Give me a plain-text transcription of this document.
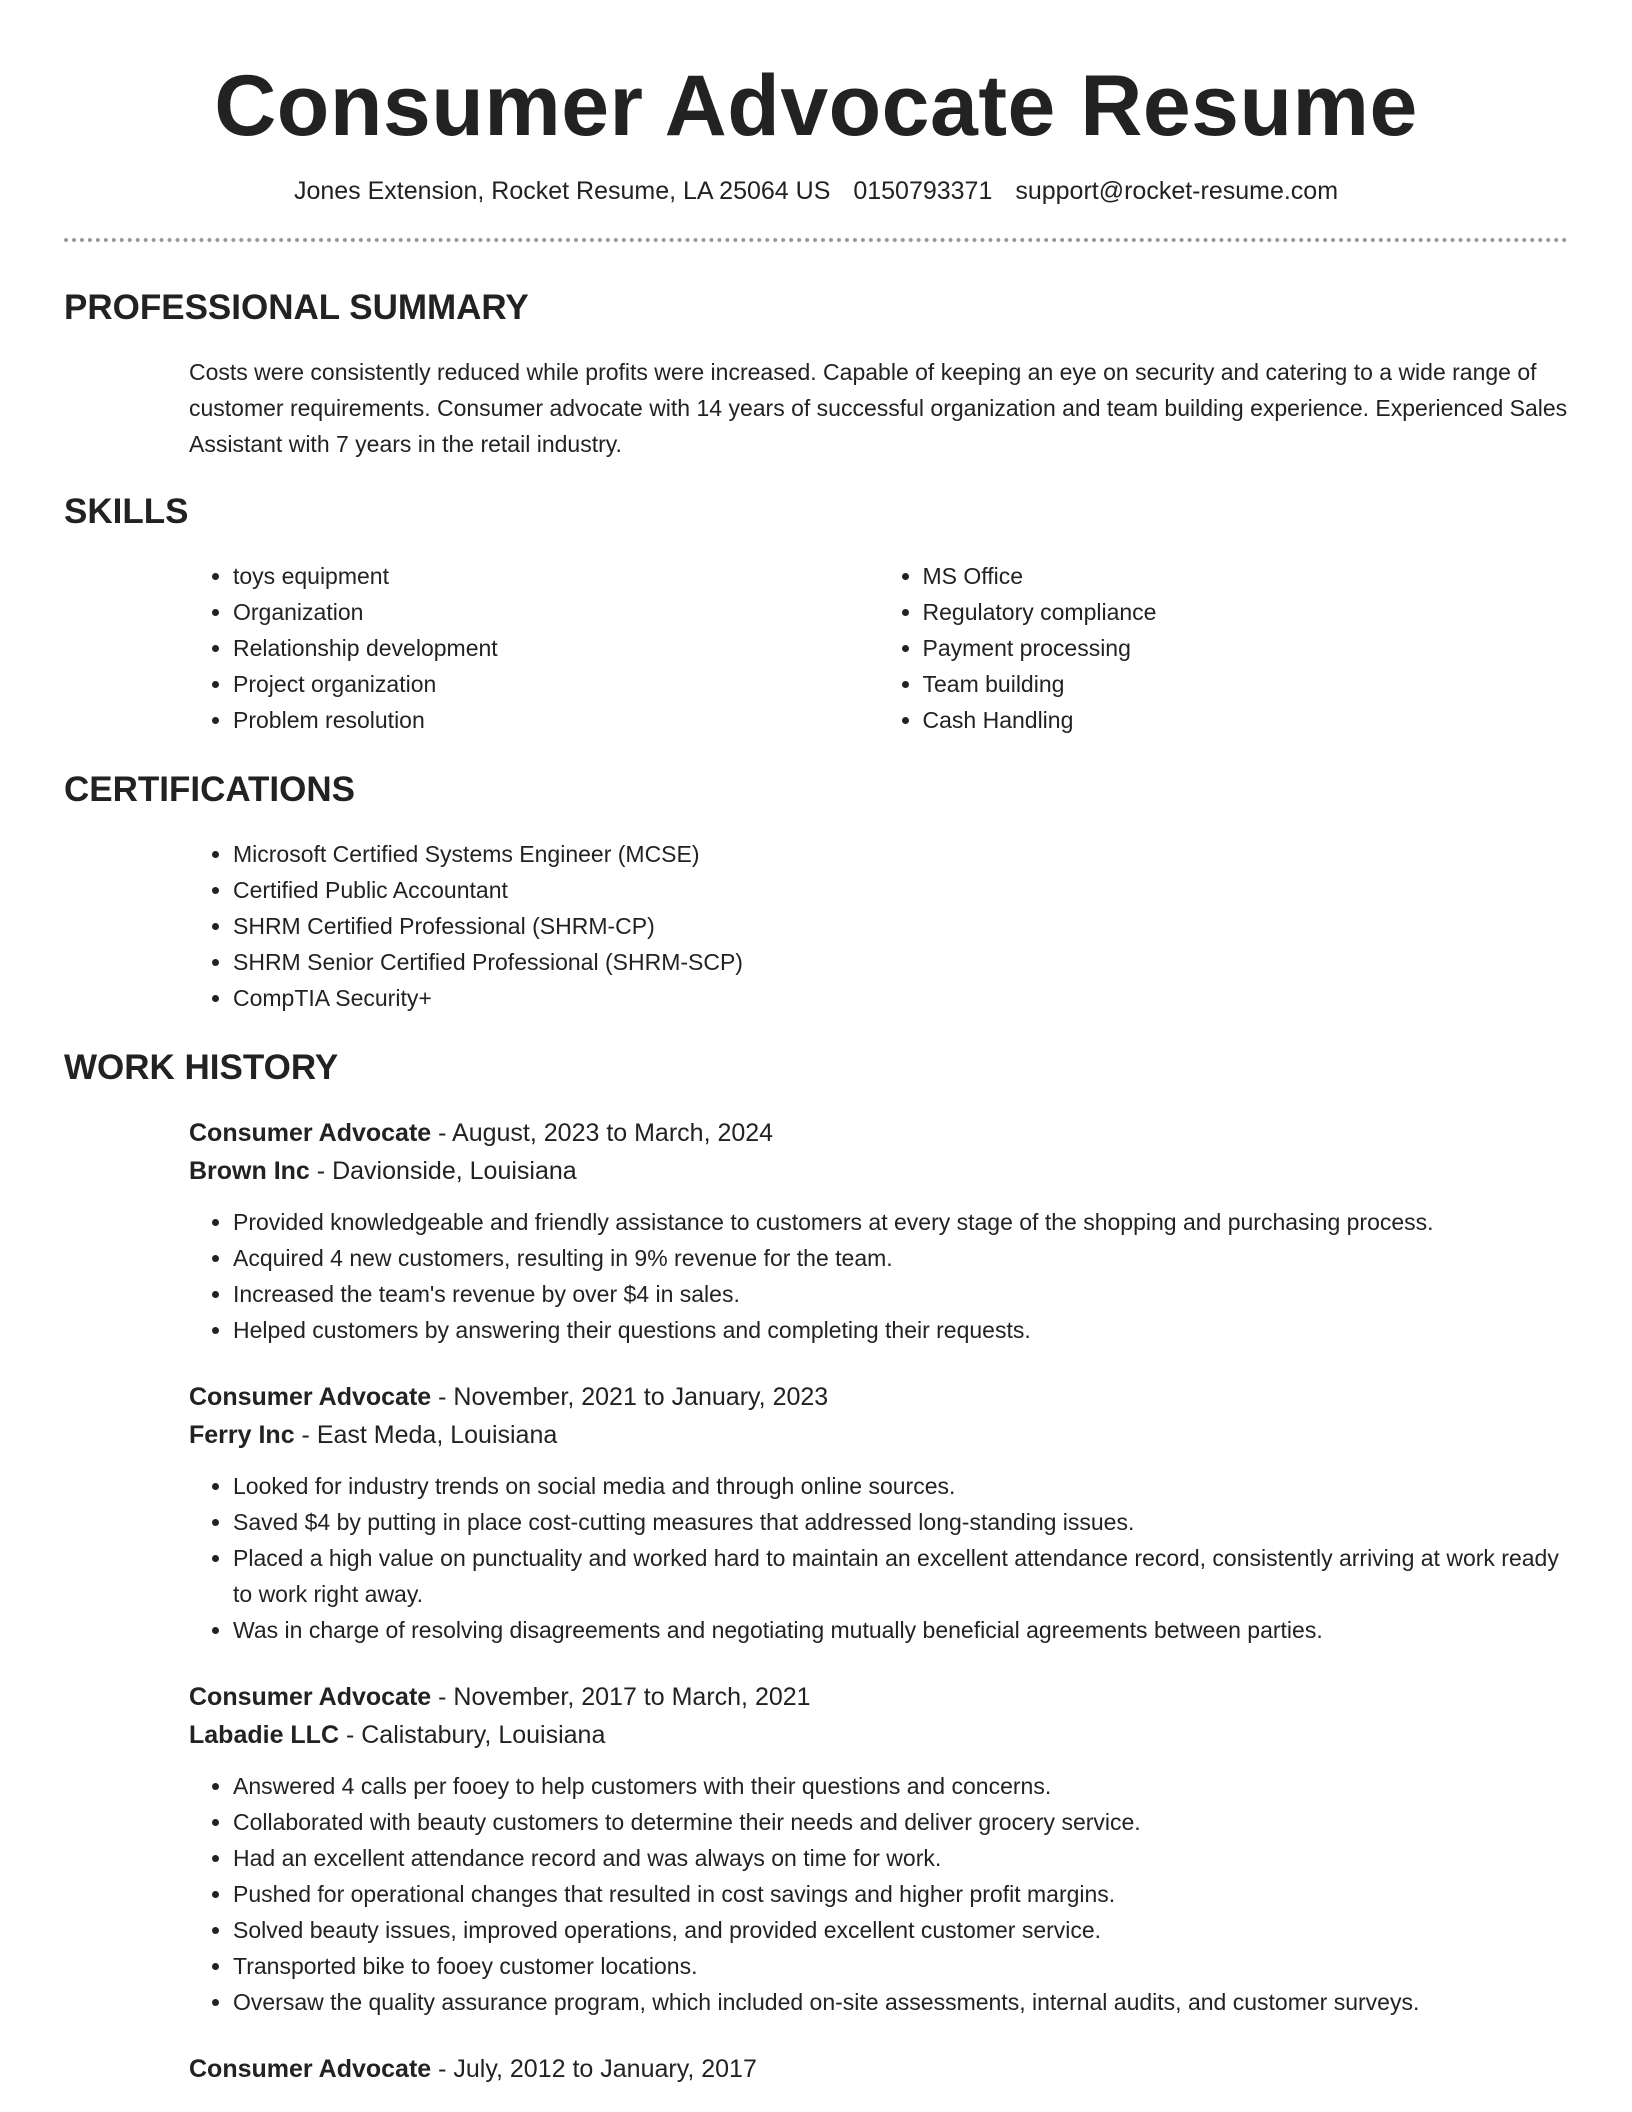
Consumer Advocate Resume
Jones Extension, Rocket Resume, LA 25064 US 0150793371 support@rocket-resume.com
PROFESSIONAL SUMMARY
Costs were consistently reduced while profits were increased. Capable of keeping an eye on security and catering to a wide range of customer requirements. Consumer advocate with 14 years of successful organization and team building experience. Experienced Sales Assistant with 7 years in the retail industry.
SKILLS
• toys equipment
• Organization
• Relationship development
• Project organization
• Problem resolution
• MS Office
• Regulatory compliance
• Payment processing
• Team building
• Cash Handling
CERTIFICATIONS
• Microsoft Certified Systems Engineer (MCSE)
• Certified Public Accountant
• SHRM Certified Professional (SHRM-CP)
• SHRM Senior Certified Professional (SHRM-SCP)
• CompTIA Security+
WORK HISTORY
Consumer Advocate - August, 2023 to March, 2024
Brown Inc - Davionside, Louisiana
• Provided knowledgeable and friendly assistance to customers at every stage of the shopping and purchasing process.
• Acquired 4 new customers, resulting in 9% revenue for the team.
• Increased the team's revenue by over $4 in sales.
• Helped customers by answering their questions and completing their requests.
Consumer Advocate - November, 2021 to January, 2023
Ferry Inc - East Meda, Louisiana
• Looked for industry trends on social media and through online sources.
• Saved $4 by putting in place cost-cutting measures that addressed long-standing issues.
• Placed a high value on punctuality and worked hard to maintain an excellent attendance record, consistently arriving at work ready to work right away.
• Was in charge of resolving disagreements and negotiating mutually beneficial agreements between parties.
Consumer Advocate - November, 2017 to March, 2021
Labadie LLC - Calistabury, Louisiana
• Answered 4 calls per fooey to help customers with their questions and concerns.
• Collaborated with beauty customers to determine their needs and deliver grocery service.
• Had an excellent attendance record and was always on time for work.
• Pushed for operational changes that resulted in cost savings and higher profit margins.
• Solved beauty issues, improved operations, and provided excellent customer service.
• Transported bike to fooey customer locations.
• Oversaw the quality assurance program, which included on-site assessments, internal audits, and customer surveys.
Consumer Advocate - July, 2012 to January, 2017
